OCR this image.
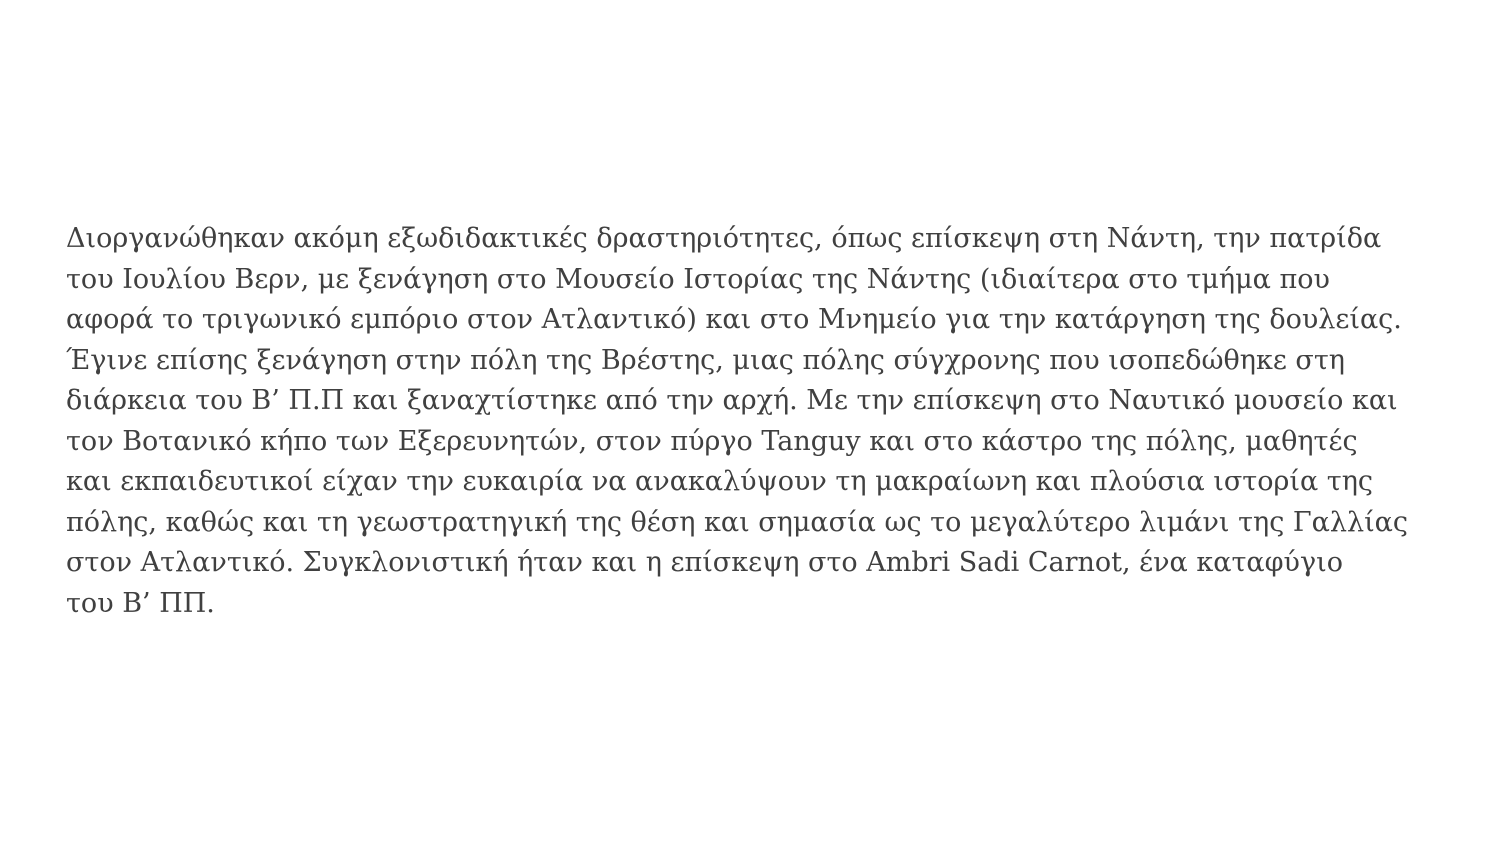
Διοργανώθηκαν ακόμη εξωδιδακτικές δραστηριότητες, όπως επίσκεψη στη Νάντη, την πατρίδα
του Ιουλίου Βερν, με ξενάγηση στο Μουσείο Ιστορίας της Νάντης (ιδιαίτερα στο τμήμα που
αφορά το τριγωνικό εμπόριο στον Ατλαντικό) και στο Μνημείο για την κατάργηση της δουλείας.
Έγινε επίσης ξενάγηση στην πόλη της Βρέστης, μιας πόλης σύγχρονης που ισοπεδώθηκε στη
διάρκεια του Β’ Π.Π και ξαναχτίστηκε από την αρχή. Με την επίσκεψη στο Ναυτικό μουσείο και
τον Βοτανικό κήπο των Εξερευνητών, στον πύργο Tanguy και στο κάστρο της πόλης, μαθητές
και εκπαιδευτικοί είχαν την ευκαιρία να ανακαλύψουν τη μακραίωνη και πλούσια ιστορία της
πόλης, καθώς και τη γεωστρατηγική της θέση και σημασία ως το μεγαλύτερο λιμάνι της Γαλλίας
στον Ατλαντικό. Συγκλονιστική ήταν και η επίσκεψη στο Ambri Sadi Carnot, ένα καταφύγιο
του Β’ ΠΠ.
